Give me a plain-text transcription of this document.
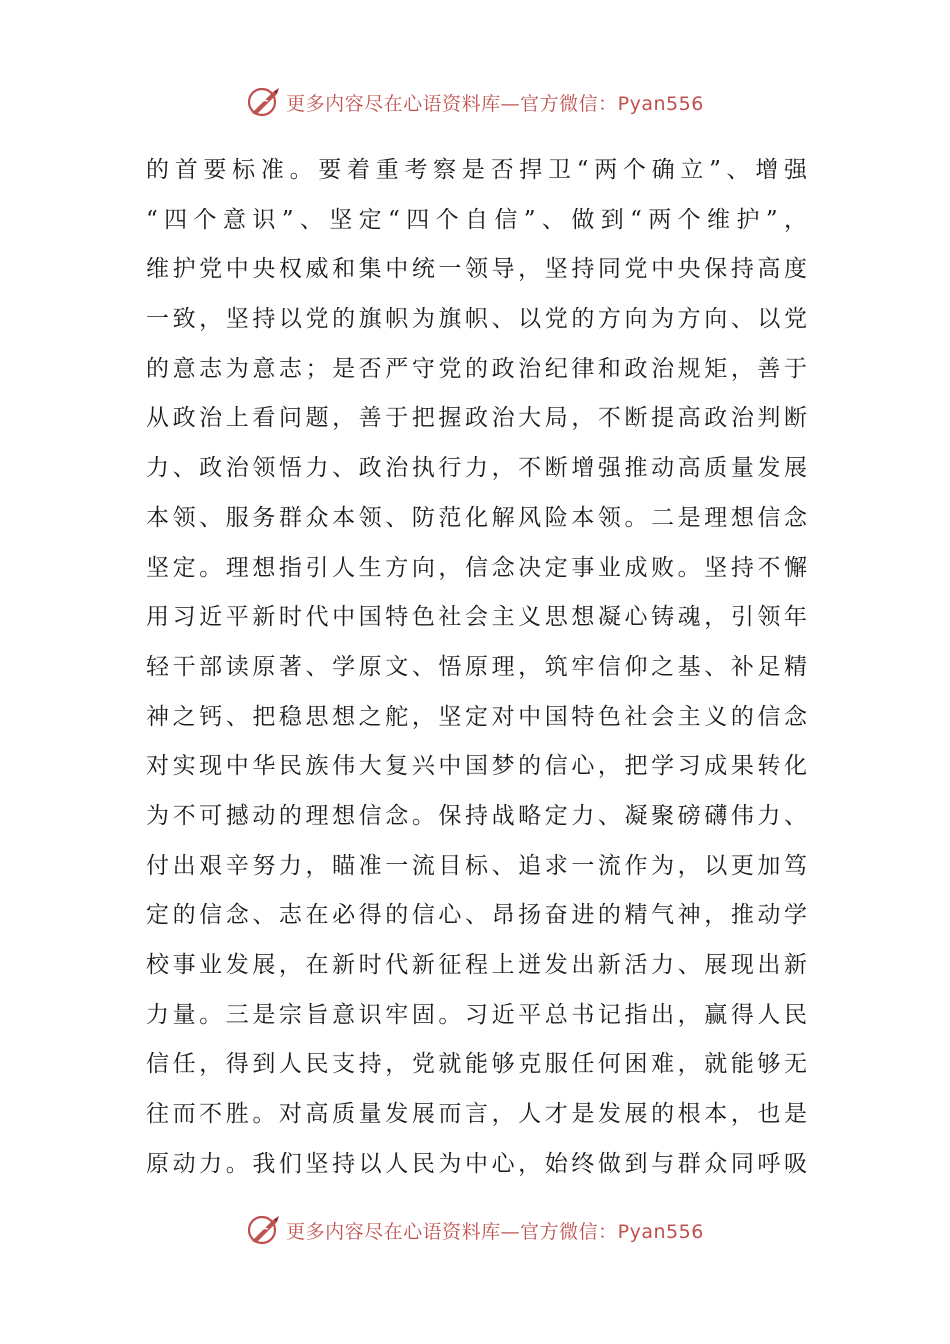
更多内容尽在心语资料库—官方微信：Pyan556
的首要标准。要着重考察是否捍卫“两个确立”、增强
“四个意识”、坚定“四个自信”、做到“两个维护”，
维护党中央权威和集中统一领导，坚持同党中央保持高度
一致，坚持以党的旗帜为旗帜、以党的方向为方向、以党
的意志为意志；是否严守党的政治纪律和政治规矩，善于
从政治上看问题，善于把握政治大局，不断提高政治判断
力、政治领悟力、政治执行力，不断增强推动高质量发展
本领、服务群众本领、防范化解风险本领。二是理想信念
坚定。理想指引人生方向，信念决定事业成败。坚持不懈
用习近平新时代中国特色社会主义思想凝心铸魂，引领年
轻干部读原著、学原文、悟原理，筑牢信仰之基、补足精
神之钙、把稳思想之舵，坚定对中国特色社会主义的信念
对实现中华民族伟大复兴中国梦的信心，把学习成果转化
为不可撼动的理想信念。保持战略定力、凝聚磅礴伟力、
付出艰辛努力，瞄准一流目标、追求一流作为，以更加笃
定的信念、志在必得的信心、昂扬奋进的精气神，推动学
校事业发展，在新时代新征程上迸发出新活力、展现出新
力量。三是宗旨意识牢固。习近平总书记指出，赢得人民
信任，得到人民支持，党就能够克服任何困难，就能够无
往而不胜。对高质量发展而言，人才是发展的根本，也是
原动力。我们坚持以人民为中心，始终做到与群众同呼吸
更多内容尽在心语资料库—官方微信：Pyan556
